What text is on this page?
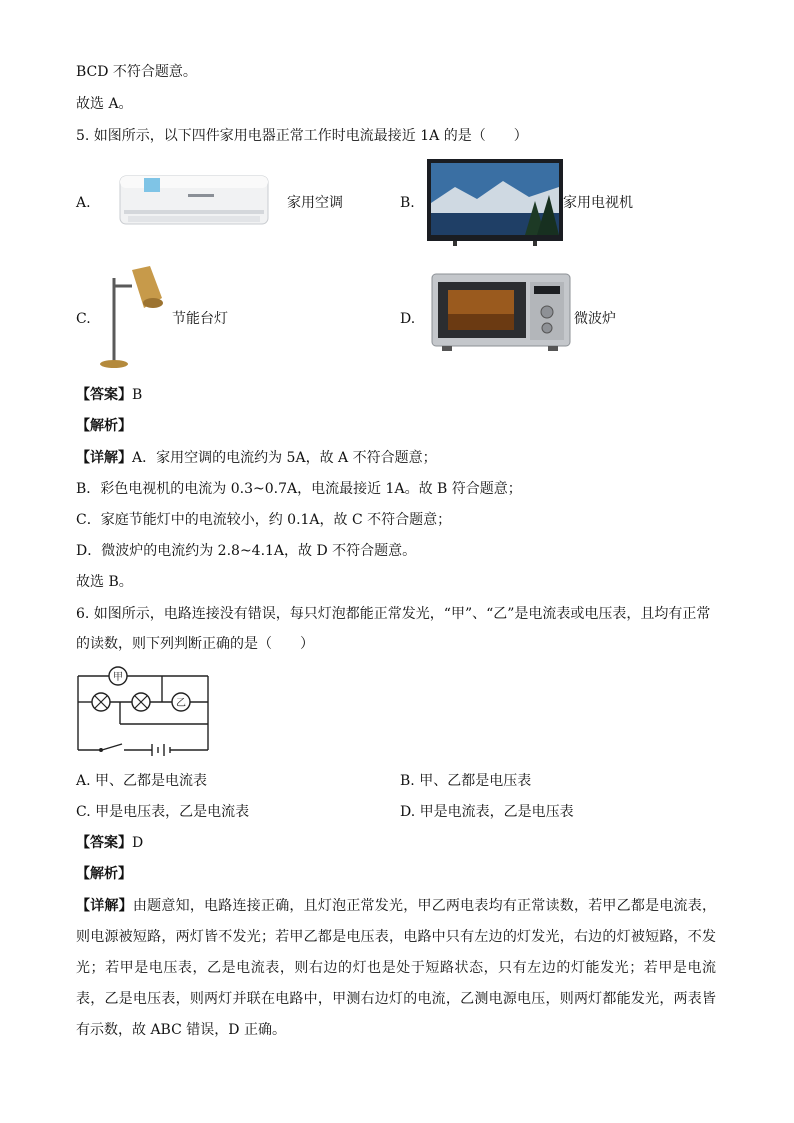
BCD 不符合题意。
故选 A。
5. 如图所示，以下四件家用电器正常工作时电流最接近 1A 的是（　　）
A.	家用空调	B.	家用电视机
C.	节能台灯	D.	微波炉
【答案】B
【解析】
【详解】A．家用空调的电流约为 5A，故 A 不符合题意；
B．彩色电视机的电流为 0.3~0.7A，电流最接近 1A。故 B 符合题意；
C．家庭节能灯中的电流较小，约 0.1A，故 C 不符合题意；
D．微波炉的电流约为 2.8~4.1A，故 D 不符合题意。
故选 B。
6. 如图所示，电路连接没有错误，每只灯泡都能正常发光，“甲”、“乙”是电流表或电压表，且均有正常
的读数，则下列判断正确的是（　　）
甲
乙
A. 甲、乙都是电流表	B. 甲、乙都是电压表
C. 甲是电压表，乙是电流表	D. 甲是电流表，乙是电压表
【答案】D
【解析】
【详解】由题意知，电路连接正确，且灯泡正常发光，甲乙两电表均有正常读数，若甲乙都是电流表，则电源被短路，两灯皆不发光；若甲乙都是电压表，电路中只有左边的灯发光，右边的灯被短路，不发光；若甲是电压表，乙是电流表，则右边的灯也是处于短路状态，只有左边的灯能发光；若甲是电流表，乙是电压表，则两灯并联在电路中，甲测右边灯的电流，乙测电源电压，则两灯都能发光，两表皆有示数，故 ABC 错误，D 正确。
